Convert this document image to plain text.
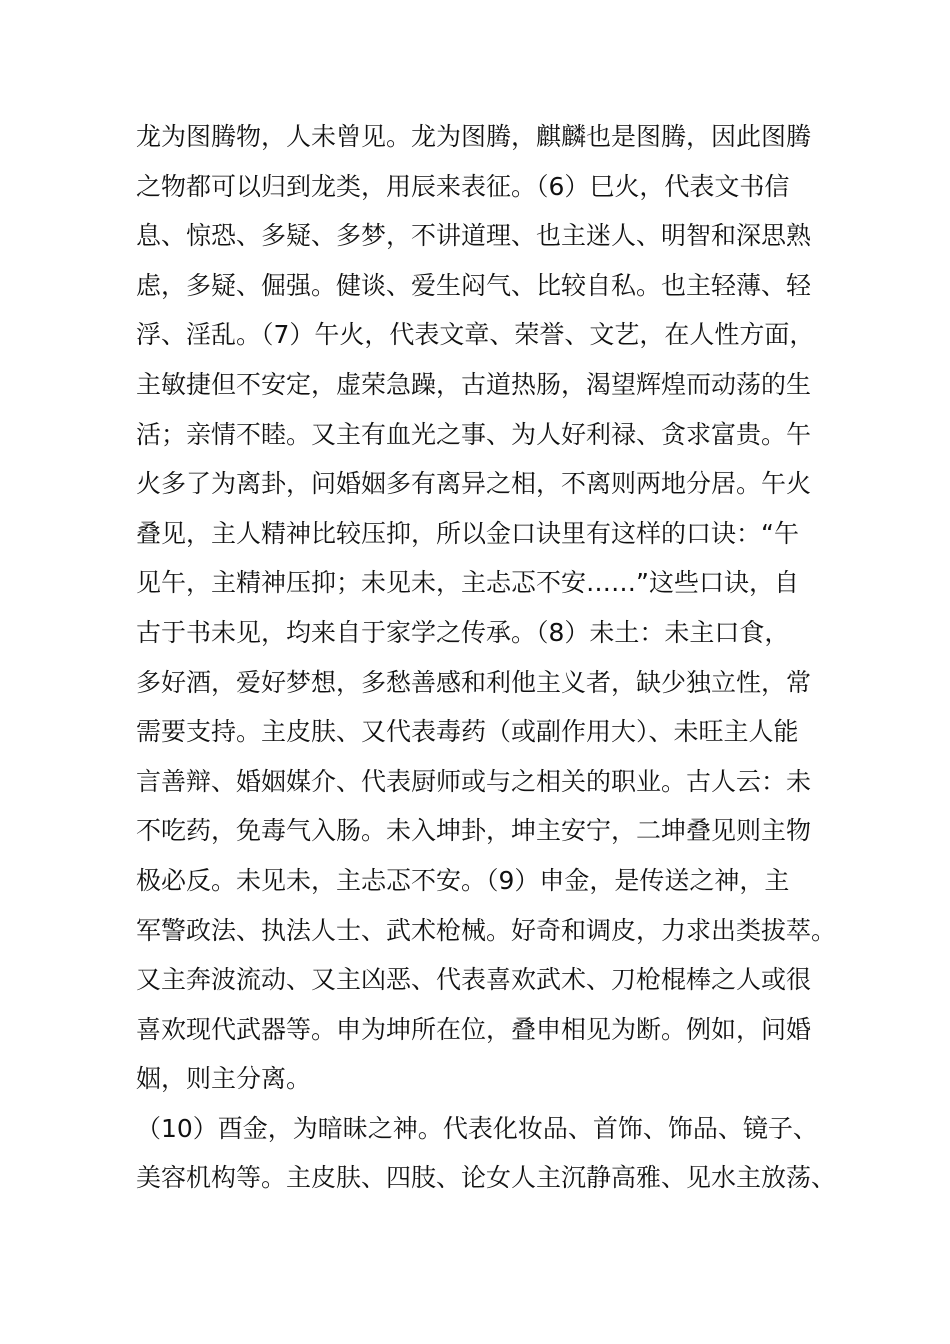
龙为图腾物，人未曾见。龙为图腾，麒麟也是图腾，因此图腾
之物都可以归到龙类，用辰来表征。（6）巳火，代表文书信
息、惊恐、多疑、多梦，不讲道理、也主迷人、明智和深思熟
虑，多疑、倔强。健谈、爱生闷气、比较自私。也主轻薄、轻
浮、淫乱。（7）午火，代表文章、荣誉、文艺，在人性方面，
主敏捷但不安定，虚荣急躁，古道热肠，渴望辉煌而动荡的生
活；亲情不睦。又主有血光之事、为人好利禄、贪求富贵。午
火多了为离卦，问婚姻多有离异之相，不离则两地分居。午火
叠见，主人精神比较压抑，所以金口诀里有这样的口诀：“午
见午，主精神压抑；未见未，主忐忑不安……”这些口诀，自
古于书未见，均来自于家学之传承。（8）未土：未主口食，
多好酒，爱好梦想，多愁善感和利他主义者，缺少独立性，常
需要支持。主皮肤、又代表毒药（或副作用大）、未旺主人能
言善辩、婚姻媒介、代表厨师或与之相关的职业。古人云：未
不吃药，免毒气入肠。未入坤卦，坤主安宁，二坤叠见则主物
极必反。未见未，主忐忑不安。（9）申金，是传送之神，主
军警政法、执法人士、武术枪械。好奇和调皮，力求出类拔萃。
又主奔波流动、又主凶恶、代表喜欢武术、刀枪棍棒之人或很
喜欢现代武器等。申为坤所在位，叠申相见为断。例如，问婚
姻，则主分离。
（10）酉金，为暗昧之神。代表化妆品、首饰、饰品、镜子、
美容机构等。主皮肤、四肢、论女人主沉静高雅、见水主放荡、
